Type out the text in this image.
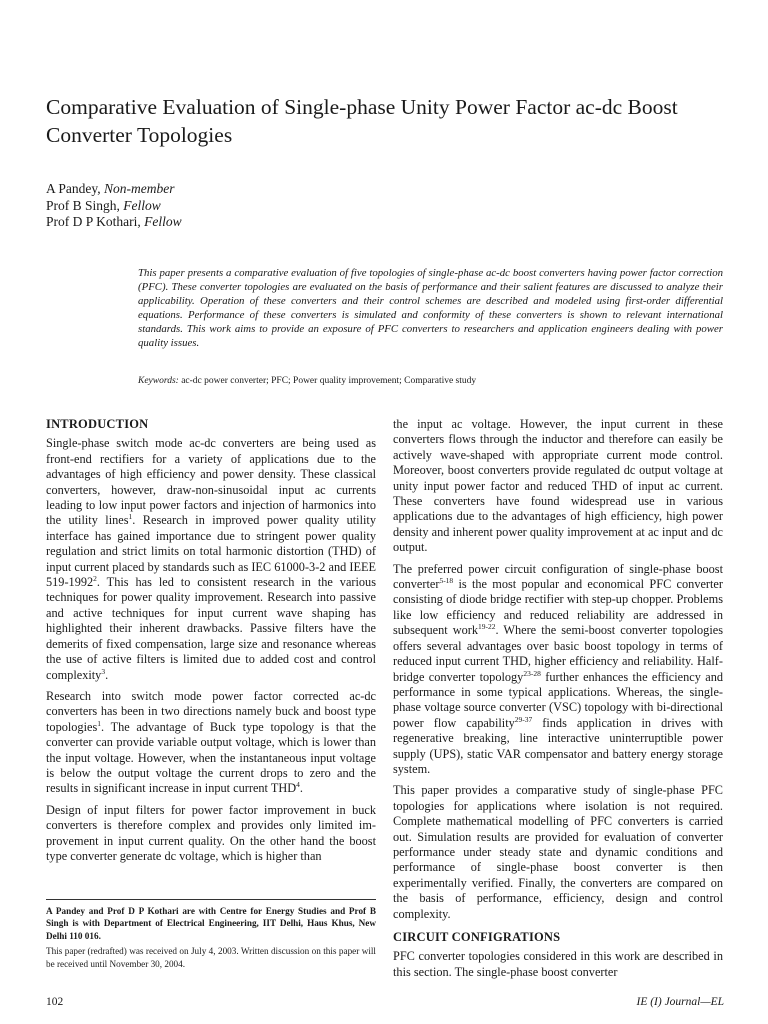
Comparative Evaluation of Single-phase Unity Power Factor ac-dc Boost Converter Topologies
A Pandey, Non-member
Prof B Singh, Fellow
Prof D P Kothari, Fellow

This paper presents a comparative evaluation of five topologies of single-phase ac-dc boost converters having power factor correction (PFC). These converter topologies are evaluated on the basis of performance and their salient features are discussed to analyze their applicability. Operation of these converters and their control schemes are described and modeled using first-order differential equations. Performance of these converters is simulated and conformity of these converters is shown to relevant international standards. This work aims to provide an exposure of PFC converters to researchers and application engineers dealing with power quality issues.

Keywords: ac-dc power converter; PFC; Power quality improvement; Comparative study
INTRODUCTION

Single-phase switch mode ac-dc converters are being used as front-end rectifiers for a variety of applications due to the advantages of high efficiency and power density. These classical converters, however, draw-non-sinusoidal input ac currents leading to low input power factors and injection of harmonics into the utility lines$^1$. Research in improved power quality utility interface has gained importance due to stringent power quality regulation and strict limits on total harmonic distortion (THD) of input current placed by standards such as IEC 61000-3-2 and IEEE 519-1992$^2$. This has led to consistent research in the various techniques for power quality improvement. Research into passive and active techniques for input current wave shaping has highlighted their inherent drawbacks. Passive filters have the demerits of fixed compensation, large size and resonance whereas the use of active filters is limited due to added cost and control complexity$^3$.

Research into switch mode power factor corrected ac-dc converters has been in two directions namely buck and boost type topologies$^1$. The advantage of Buck type topology is that the converter can provide variable output voltage, which is lower than the input voltage. However, when the instantaneous input voltage is below the output voltage the current drops to zero and the results in significant increase in input current THD$^4$.

Design of input filters for power factor improvement in buck converters is therefore complex and provides only limited im-provement in input current quality. On the other hand the boost type converter generate dc voltage, which is higher than

A Pandey and Prof D P Kothari are with Centre for Energy Studies and Prof B Singh is with Department of Electrical Engineering, IIT Delhi, Haus Khus, New Delhi 110 016.

This paper (redrafted) was received on July 4, 2003. Written discussion on this paper will be received until November 30, 2004.

the input ac voltage. However, the input current in these converters flows through the inductor and therefore can easily be actively wave-shaped with appropriate current mode control. Moreover, boost converters provide regulated dc output voltage at unity input power factor and reduced THD of input ac current. These converters have found widespread use in various applications due to the advantages of high efficiency, high power density and inherent power quality improvement at ac input and dc output.

The preferred power circuit configuration of single-phase boost converter$^{5-18}$ is the most popular and economical PFC converter consisting of diode bridge rectifier with step-up chopper. Problems like low efficiency and reduced reliability are addressed in subsequent work$^{19-22}$. Where the semi-boost converter topologies offers several advantages over basic boost topology in terms of reduced input current THD, higher efficiency and reliability. Half-bridge converter topology$^{23-28}$ further enhances the efficiency and performance in some typical applications. Whereas, the single-phase voltage source converter (VSC) topology with bi-directional power flow capability$^{29-37}$ finds application in drives with regenerative breaking, line interactive uninterruptible power supply (UPS), static VAR compensator and battery energy storage system.

This paper provides a comparative study of single-phase PFC topologies for applications where isolation is not required. Complete mathematical modelling of PFC converters is carried out. Simulation results are provided for evaluation of converter performance under steady state and dynamic conditions and performance of single-phase boost converter is then experimentally verified. Finally, the converters are compared on the basis of performance, efficiency, design and control complexity.

CIRCUIT CONFIGRATIONS

PFC converter topologies considered in this work are described in this section. The single-phase boost converter

102	IE (I) Journal—EL
